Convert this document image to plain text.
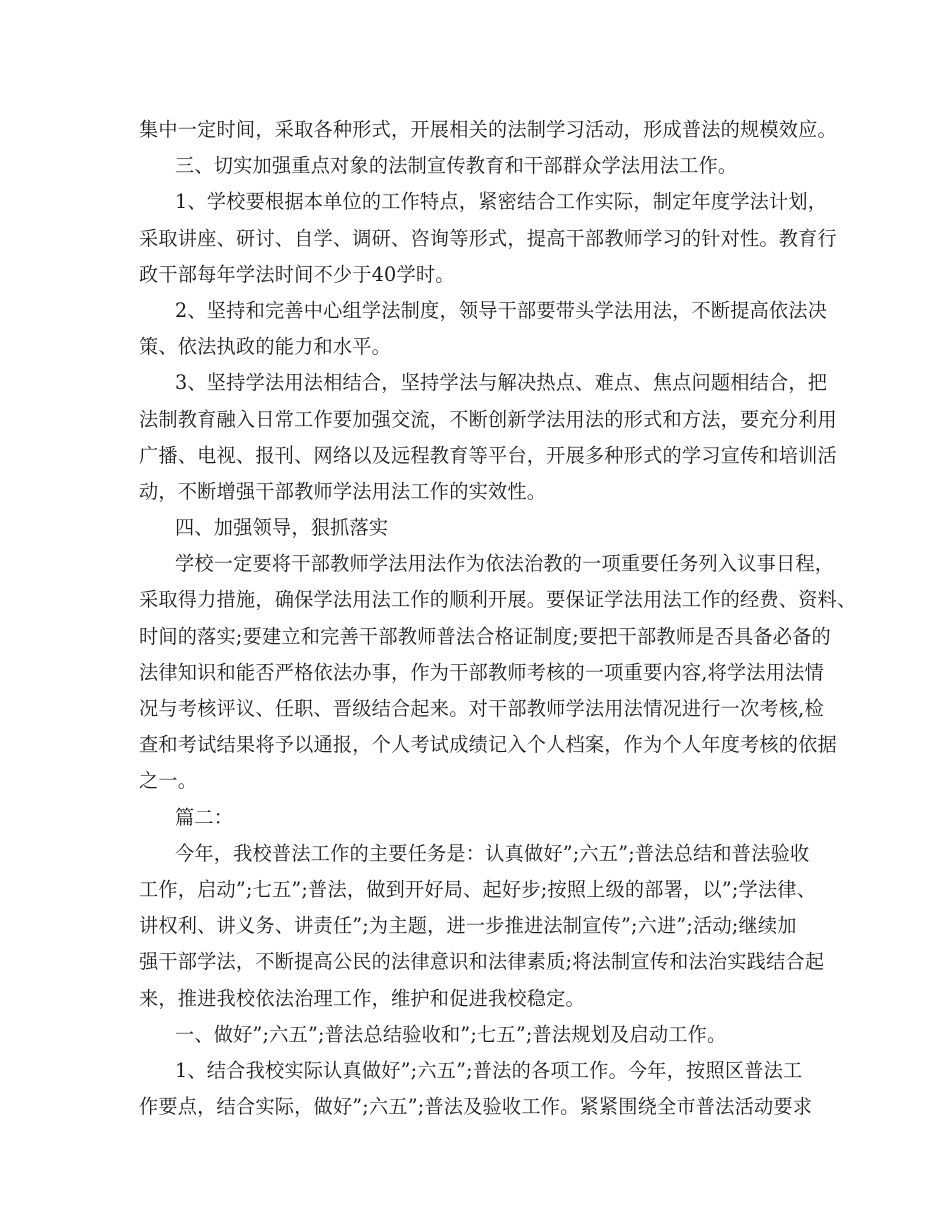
集中一定时间，采取各种形式，开展相关的法制学习活动，形成普法的规模效应。
三、切实加强重点对象的法制宣传教育和干部群众学法用法工作。
1、学校要根据本单位的工作特点，紧密结合工作实际，制定年度学法计划，
采取讲座、研讨、自学、调研、咨询等形式，提高干部教师学习的针对性。教育行
政干部每年学法时间不少于40学时。
2、坚持和完善中心组学法制度，领导干部要带头学法用法，不断提高依法决
策、依法执政的能力和水平。
3、坚持学法用法相结合，坚持学法与解决热点、难点、焦点问题相结合，把
法制教育融入日常工作要加强交流，不断创新学法用法的形式和方法，要充分利用
广播、电视、报刊、网络以及远程教育等平台，开展多种形式的学习宣传和培训活
动，不断增强干部教师学法用法工作的实效性。
四、加强领导，狠抓落实
学校一定要将干部教师学法用法作为依法治教的一项重要任务列入议事日程，
采取得力措施，确保学法用法工作的顺利开展。要保证学法用法工作的经费、资料、
时间的落实;要建立和完善干部教师普法合格证制度;要把干部教师是否具备必备的
法律知识和能否严格依法办事，作为干部教师考核的一项重要内容,将学法用法情
况与考核评议、任职、晋级结合起来。对干部教师学法用法情况进行一次考核,检
查和考试结果将予以通报，个人考试成绩记入个人档案，作为个人年度考核的依据
之一。
篇二：
今年，我校普法工作的主要任务是：认真做好”;六五”;普法总结和普法验收
工作，启动”;七五”;普法，做到开好局、起好步;按照上级的部署，以”;学法律、
讲权利、讲义务、讲责任”;为主题，进一步推进法制宣传”;六进”;活动;继续加
强干部学法，不断提高公民的法律意识和法律素质;将法制宣传和法治实践结合起
来，推进我校依法治理工作，维护和促进我校稳定。
一、做好”;六五”;普法总结验收和”;七五”;普法规划及启动工作。
1、结合我校实际认真做好”;六五”;普法的各项工作。今年，按照区普法工
作要点，结合实际，做好”;六五”;普法及验收工作。紧紧围绕全市普法活动要求
